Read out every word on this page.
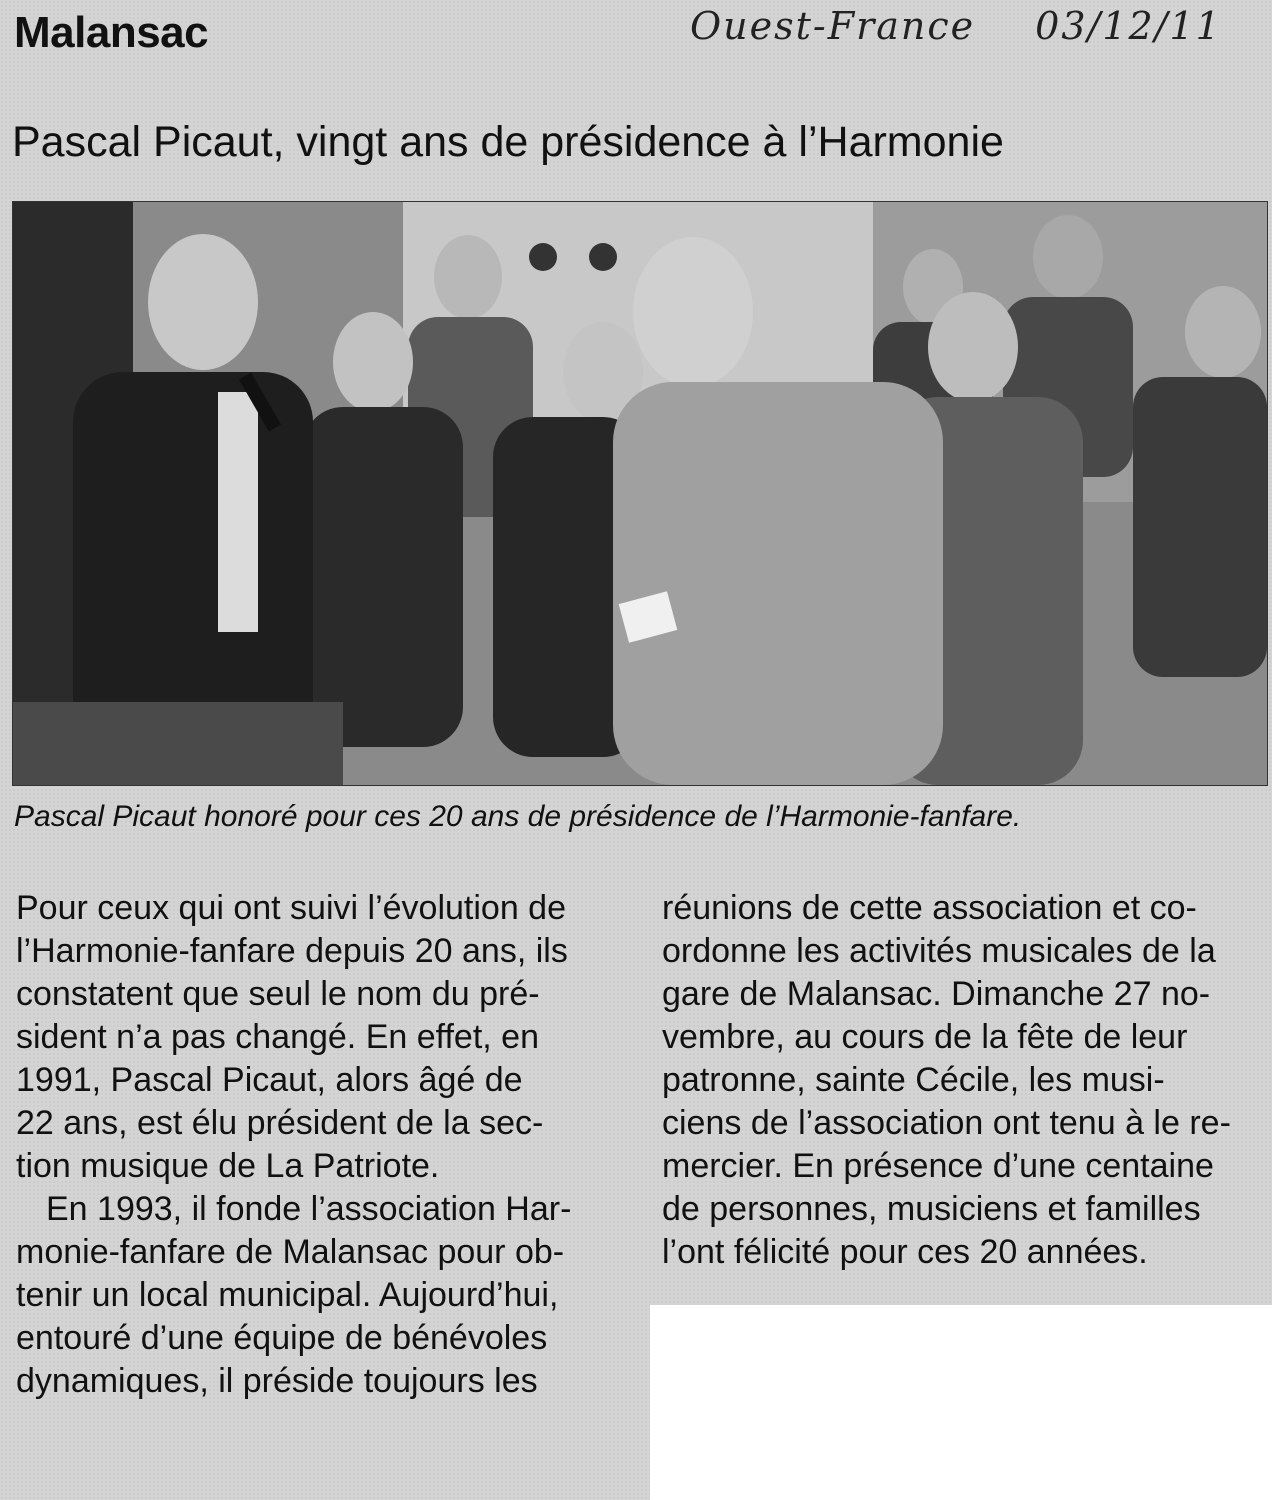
Malansac	Ouest-France 03/12/11
Pascal Picaut, vingt ans de présidence à l’Harmonie
Pascal Picaut honoré pour ces 20 ans de présidence de l’Harmonie-fanfare.
Pour ceux qui ont suivi l’évolution de
l’Harmonie-fanfare depuis 20 ans, ils
constatent que seul le nom du pré-
sident n’a pas changé. En effet, en
1991, Pascal Picaut, alors âgé de
22 ans, est élu président de la sec-
tion musique de La Patriote.
En 1993, il fonde l’association Har-
monie-fanfare de Malansac pour ob-
tenir un local municipal. Aujourd’hui,
entouré d’une équipe de bénévoles
dynamiques, il préside toujours les
réunions de cette association et co-
ordonne les activités musicales de la
gare de Malansac. Dimanche 27 no-
vembre, au cours de la fête de leur
patronne, sainte Cécile, les musi-
ciens de l’association ont tenu à le re-
mercier. En présence d’une centaine
de personnes, musiciens et familles
l’ont félicité pour ces 20 années.
